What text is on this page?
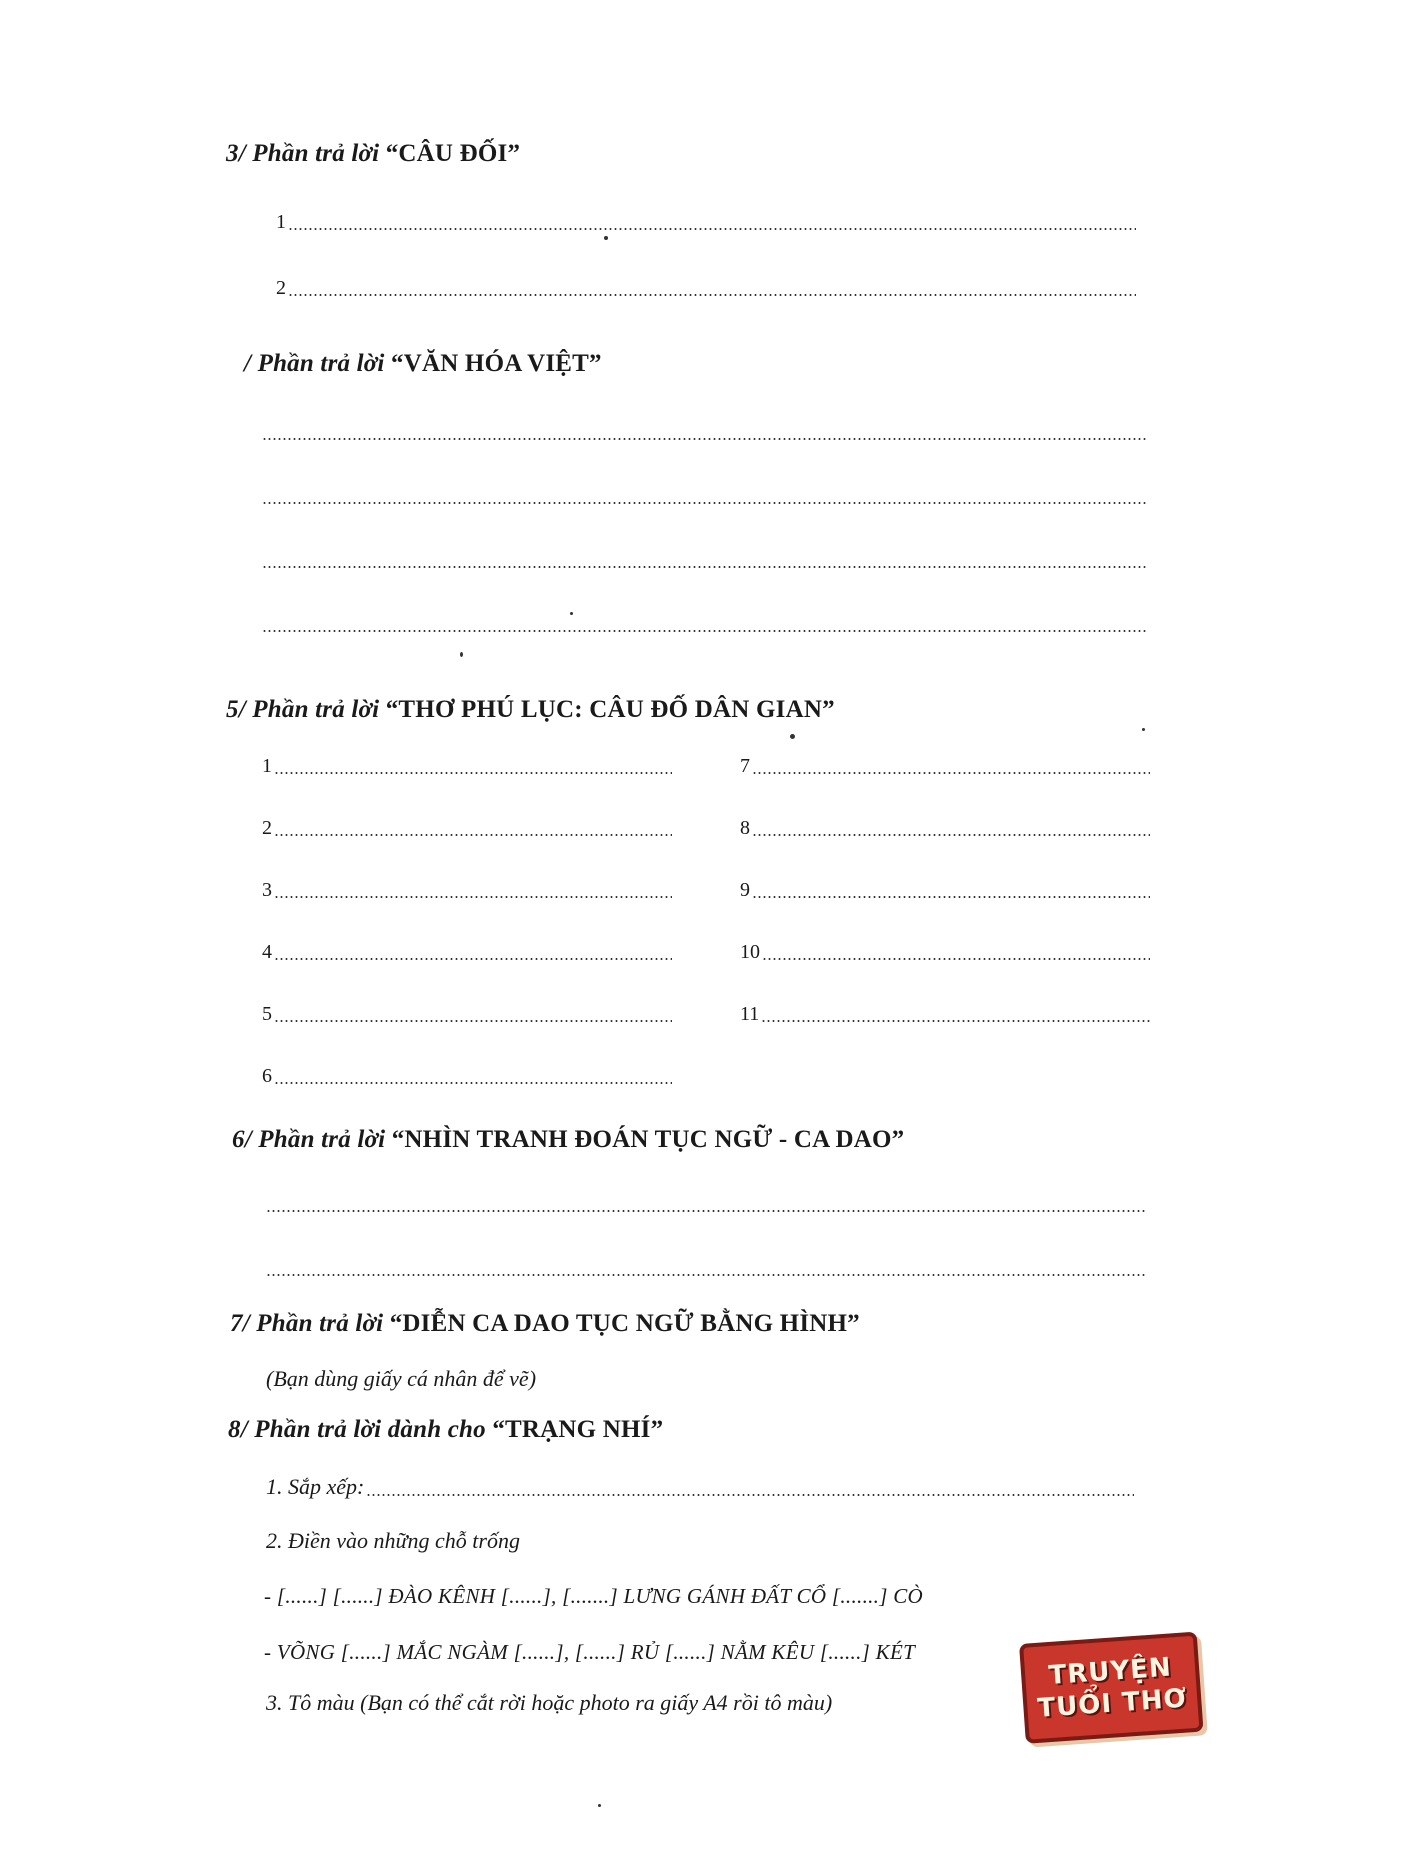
3/ Phần trả lời “CÂU ĐỐI”
1
2
/ Phần trả lời “VĂN HÓA VIỆT”
5/ Phần trả lời “THƠ PHÚ LỤC: CÂU ĐỐ DÂN GIAN”
1
2
3
4
5
6
7
8
9
10
11
6/ Phần trả lời “NHÌN TRANH ĐOÁN TỤC NGỮ - CA DAO”
7/ Phần trả lời “DIỄN CA DAO TỤC NGỮ BẰNG HÌNH”
(Bạn dùng giấy cá nhân để vẽ)
8/ Phần trả lời dành cho “TRẠNG NHÍ”
1. Sắp xếp:
2. Điền vào những chỗ trống
- [......] [......] ĐÀO KÊNH [......], [.......] LƯNG GÁNH ĐẤT CỔ [.......] CÒ
- VÕNG [......] MẮC NGÀM [......], [......] RỦ [......] NẰM KÊU [......] KÉT
3. Tô màu (Bạn có thể cắt rời hoặc photo ra giấy A4 rồi tô màu)
TRUYỆN
TUỔI THƠ
